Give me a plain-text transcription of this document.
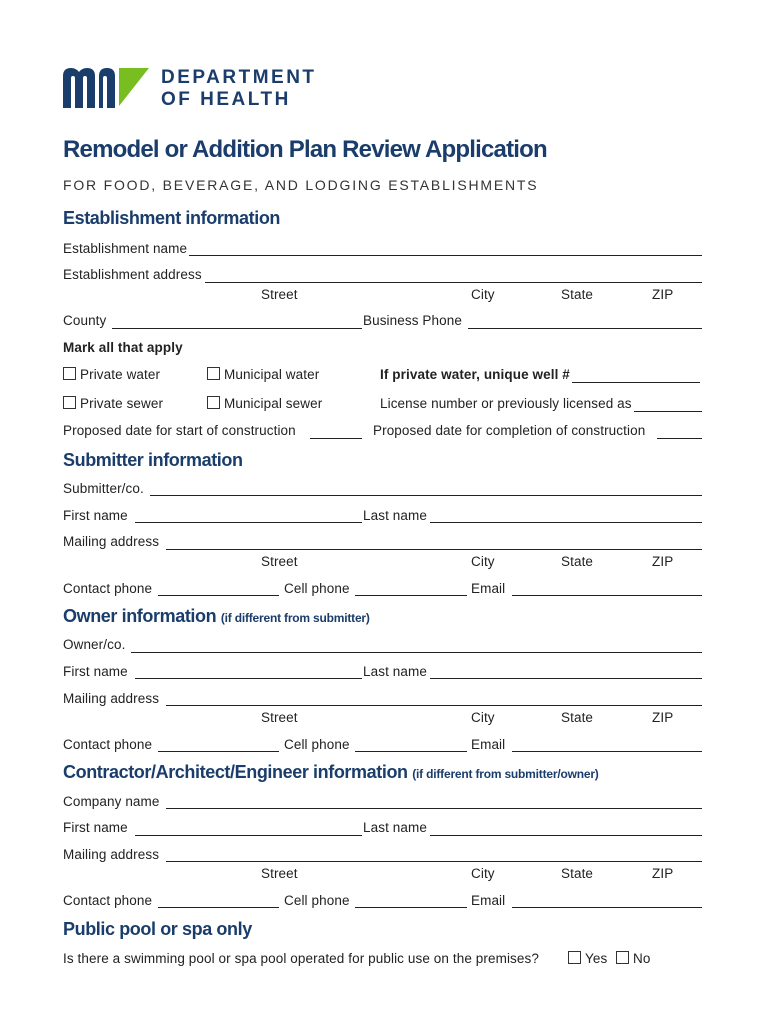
DEPARTMENT
OF HEALTH
Remodel or Addition Plan Review Application
FOR FOOD, BEVERAGE, AND LODGING ESTABLISHMENTS
Establishment information
Establishment name
Establishment address
Street	City	State	ZIP
County	Business Phone
Mark all that apply
Private water	Municipal water	If private water, unique well #
Private sewer	Municipal sewer	License number or previously licensed as
Proposed date for start of construction	Proposed date for completion of construction
Submitter information
Submitter/co.
First name	Last name
Mailing address
Street	City	State	ZIP
Contact phone	Cell phone	Email
Owner information (if different from submitter)
Owner/co.
First name	Last name
Mailing address
Street	City	State	ZIP
Contact phone	Cell phone	Email
Contractor/Architect/Engineer information (if different from submitter/owner)
Company name
First name	Last name
Mailing address
Street	City	State	ZIP
Contact phone	Cell phone	Email
Public pool or spa only
Is there a swimming pool or spa pool operated for public use on the premises?	Yes	No
